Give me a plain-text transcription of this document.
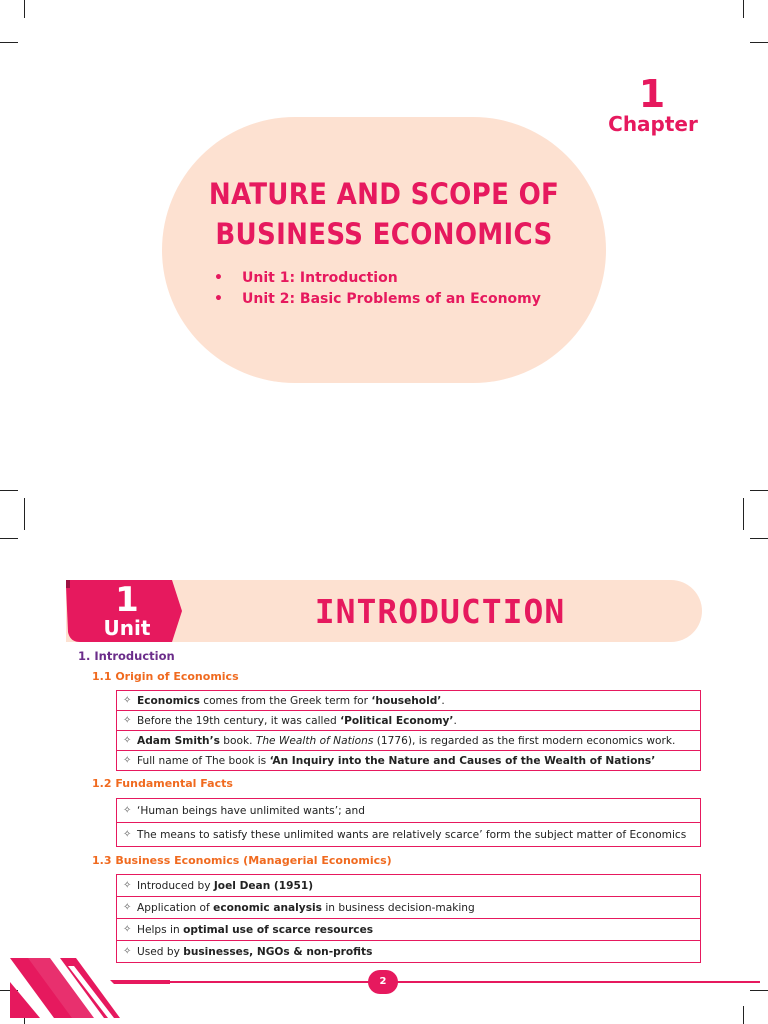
1
Chapter
NATURE AND SCOPE OF
BUSINESS ECONOMICS
• Unit 1: Introduction
• Unit 2: Basic Problems of an Economy
1
Unit	INTRODUCTION
1. Introduction
1.1 Origin of Economics
✧ Economics comes from the Greek term for ‘household’ .
✧ Before the 19th century, it was called ‘Political Economy’ .
✧ Adam Smith’s book. The Wealth of Nations (1776), is regarded as the first modern economics work.
✧ Full name of The book is ‘An Inquiry into the Nature and Causes of the Wealth of Nations’
1.2 Fundamental Facts
✧ ‘Human beings have unlimited wants’; and
✧ The means to satisfy these unlimited wants are relatively scarce’ form the subject matter of Economics
1.3 Business Economics (Managerial Economics)
✧ Introduced by Joel Dean (1951)
✧ Application of economic analysis in business decision-making
✧ Helps in optimal use of scarce resources
✧ Used by businesses, NGOs & non-profits
2
